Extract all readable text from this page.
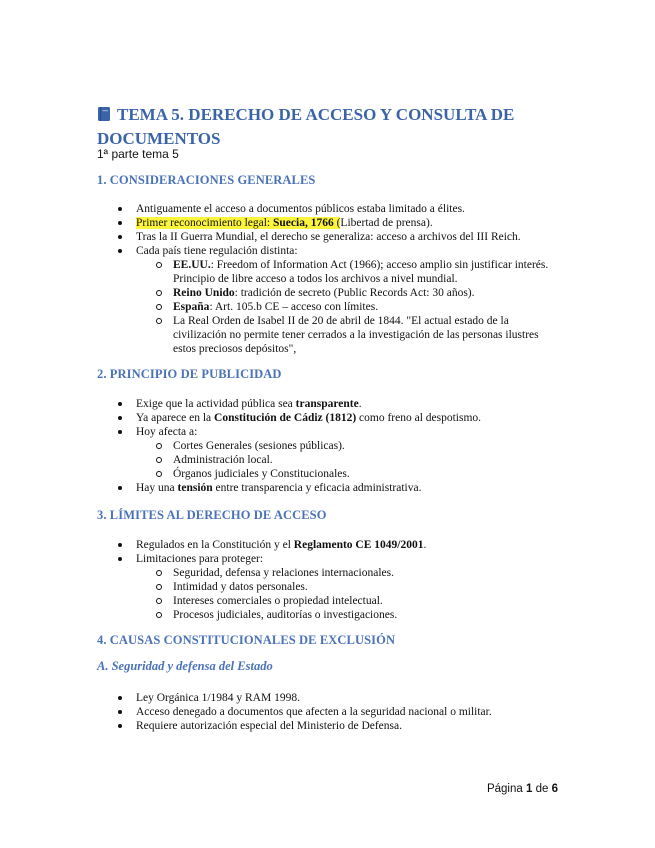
TEMA 5. DERECHO DE ACCESO Y CONSULTA DE DOCUMENTOS
1ª parte tema 5
1. CONSIDERACIONES GENERALES
Antiguamente el acceso a documentos públicos estaba limitado a élites.
Primer reconocimiento legal: Suecia, 1766 (Libertad de prensa).
Tras la II Guerra Mundial, el derecho se generaliza: acceso a archivos del III Reich.
Cada país tiene regulación distinta:
EE.UU.: Freedom of Information Act (1966); acceso amplio sin justificar interés. Principio de libre acceso a todos los archivos a nivel mundial.
Reino Unido: tradición de secreto (Public Records Act: 30 años).
España: Art. 105.b CE – acceso con límites.
La Real Orden de Isabel II de 20 de abril de 1844. "El actual estado de la civilización no permite tener cerrados a la investigación de las personas ilustres estos preciosos depósitos",
2. PRINCIPIO DE PUBLICIDAD
Exige que la actividad pública sea transparente.
Ya aparece en la Constitución de Cádiz (1812) como freno al despotismo.
Hoy afecta a:
Cortes Generales (sesiones públicas).
Administración local.
Órganos judiciales y Constitucionales.
Hay una tensión entre transparencia y eficacia administrativa.
3. LÍMITES AL DERECHO DE ACCESO
Regulados en la Constitución y el Reglamento CE 1049/2001.
Limitaciones para proteger:
Seguridad, defensa y relaciones internacionales.
Intimidad y datos personales.
Intereses comerciales o propiedad intelectual.
Procesos judiciales, auditorías o investigaciones.
4. CAUSAS CONSTITUCIONALES DE EXCLUSIÓN
A. Seguridad y defensa del Estado
Ley Orgánica 1/1984 y RAM 1998.
Acceso denegado a documentos que afecten a la seguridad nacional o militar.
Requiere autorización especial del Ministerio de Defensa.
Página 1 de 6
